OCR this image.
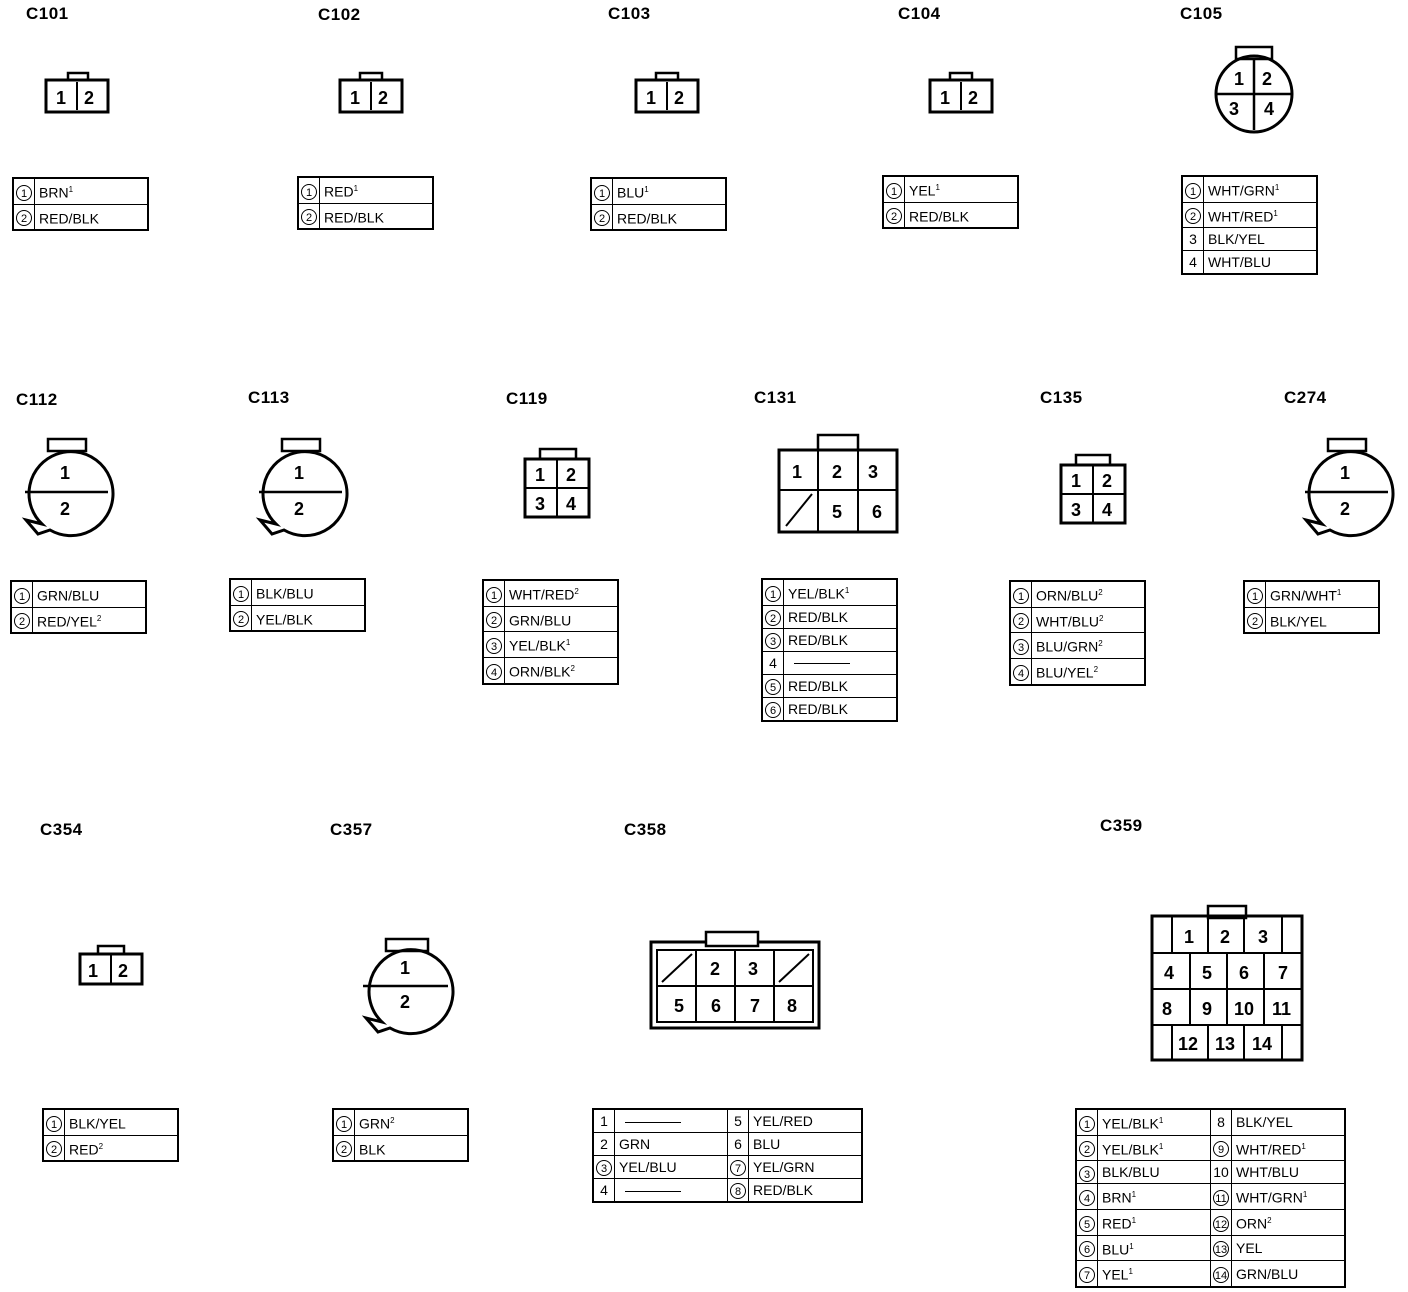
C101	C102	C103	C104	C105
1 2	1 2	1 2	1 2
1 2
3 4
1	BRN$^1$
2	RED/BLK
1	RED$^1$
2	RED/BLK
1	BLU$^1$
2	RED/BLK
1	YEL$^1$
2	RED/BLK
1	WHT/GRN$^1$
2	WHT/RED$^1$
3	BLK/YEL
4	WHT/BLU
C112	C113	C119	C131	C135	C274
1
2
1
2
1 2
3 4
1 2 3
5 6
1 2
3 4
1
2
1	GRN/BLU
2	RED/YEL$^2$
1	BLK/BLU
2	YEL/BLK
1	WHT/RED$^2$
2	GRN/BLU
3	YEL/BLK$^1$
4	ORN/BLK$^2$
1	YEL/BLK$^1$
2	RED/BLK
3	RED/BLK
4	
5	RED/BLK
6	RED/BLK
1	ORN/BLU$^2$
2	WHT/BLU$^2$
3	BLU/GRN$^2$
4	BLU/YEL$^2$
1	GRN/WHT$^1$
2	BLK/YEL
C354	C357	C358	C359
1 2	1
2
2 3
5 6 7 8
1 2 3
4 5 6 7
8 9 10 11
12 13 14
1	BLK/YEL
2	RED$^2$
1	GRN$^2$
2	BLK
1		5	YEL/RED
2	GRN	6	BLU
3	YEL/BLU	7	YEL/GRN
4		8	RED/BLK
1	YEL/BLK$^1$	8	BLK/YEL
2	YEL/BLK$^1$	9	WHT/RED$^1$
3	BLK/BLU	10	WHT/BLU
4	BRN$^1$	11	WHT/GRN$^1$
5	RED$^1$	12	ORN$^2$
6	BLU$^1$	13	YEL
7	YEL$^1$	14	GRN/BLU
